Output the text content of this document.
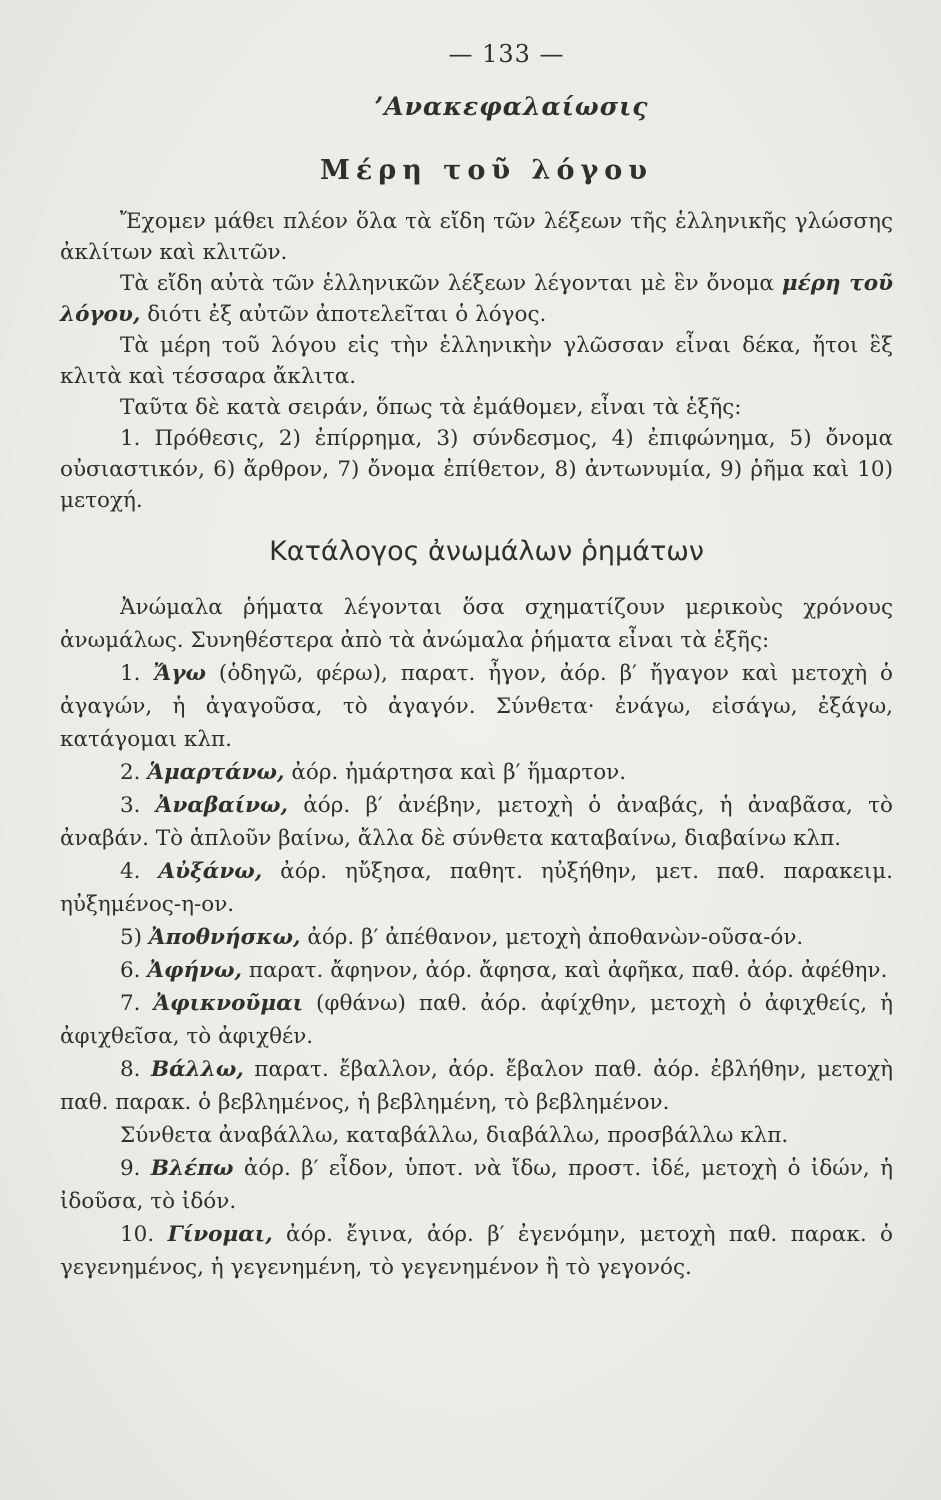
— 133 —
’Ανακεφαλαίωσις
Μέρη τοῦ λόγου

Ἔχομεν μάθει πλέον ὅλα τὰ εἴδη τῶν λέξεων τῆς ἑλληνικῆς γλώσσης ἀκλίτων καὶ κλιτῶν.

Τὰ εἴδη αὐτὰ τῶν ἑλληνικῶν λέξεων λέγονται μὲ ἓν ὄνομα μέρη τοῦ λόγου, διότι ἐξ αὐτῶν ἀποτελεῖται ὁ λόγος.

Τὰ μέρη τοῦ λόγου εἰς τὴν ἑλληνικὴν γλῶσσαν εἶναι δέκα, ἤτοι ἓξ κλιτὰ καὶ τέσσαρα ἄκλιτα.

Ταῦτα δὲ κατὰ σειράν, ὅπως τὰ ἐμάθομεν, εἶναι τὰ ἑξῆς:

1. Πρόθεσις, 2) ἐπίρρημα, 3) σύνδεσμος, 4) ἐπιφώνημα, 5) ὄνομα οὐσιαστικόν, 6) ἄρθρον, 7) ὄνομα ἐπίθετον, 8) ἀντωνυμία, 9) ῥῆμα καὶ 10) μετοχή.

Κατάλογος ἀνωμάλων ῥημάτων

Ἀνώμαλα ῥήματα λέγονται ὅσα σχηματίζουν μερικοὺς χρόνους ἀνωμάλως. Συνηθέστερα ἀπὸ τὰ ἀνώμαλα ῥήματα εἶναι τὰ ἑξῆς:

1. Ἄγω (ὁδηγῶ, φέρω), παρατ. ἦγον, ἀόρ. β′ ἤγαγον καὶ μετοχὴ ὁ ἀγαγών, ἡ ἀγαγοῦσα, τὸ ἀγαγόν. Σύνθετα· ἐνάγω, εἰσάγω, ἐξάγω, κατάγομαι κλπ.

2. Ἁμαρτάνω, ἀόρ. ἡμάρτησα καὶ β′ ἥμαρτον.

3. Ἀναβαίνω, ἀόρ. β′ ἀνέβην, μετοχὴ ὁ ἀναβάς, ἡ ἀναβᾶσα, τὸ ἀναβάν. Τὸ ἁπλοῦν βαίνω, ἄλλα δὲ σύνθετα καταβαίνω, διαβαίνω κλπ.

4. Αὐξάνω, ἀόρ. ηὔξησα, παθητ. ηὐξήθην, μετ. παθ. παρακειμ. ηὐξημένος-η-ον.

5) Ἀποθνήσκω, ἀόρ. β′ ἀπέθανον, μετοχὴ ἀποθανὼν-οῦσα-όν.

6. Ἀφήνω, παρατ. ἄφηνον, ἀόρ. ἄφησα, καὶ ἀφῆκα, παθ. ἀόρ. ἀφέθην.

7. Ἀφικνοῦμαι (φθάνω) παθ. ἀόρ. ἀφίχθην, μετοχὴ ὁ ἀφιχθείς, ἡ ἀφιχθεῖσα, τὸ ἀφιχθέν.

8. Βάλλω, παρατ. ἔβαλλον, ἀόρ. ἔβαλον παθ. ἀόρ. ἐβλήθην, μετοχὴ παθ. παρακ. ὁ βεβλημένος, ἡ βεβλημένη, τὸ βεβλημένον.

Σύνθετα ἀναβάλλω, καταβάλλω, διαβάλλω, προσβάλλω κλπ.

9. Βλέπω ἀόρ. β′ εἶδον, ὑποτ. νὰ ἴδω, προστ. ἰδέ, μετοχὴ ὁ ἰδών, ἡ ἰδοῦσα, τὸ ἰδόν.

10. Γίνομαι, ἀόρ. ἔγινα, ἀόρ. β′ ἐγενόμην, μετοχὴ παθ. παρακ. ὁ γεγενημένος, ἡ γεγενημένη, τὸ γεγενημένον ἢ τὸ γεγονός.
